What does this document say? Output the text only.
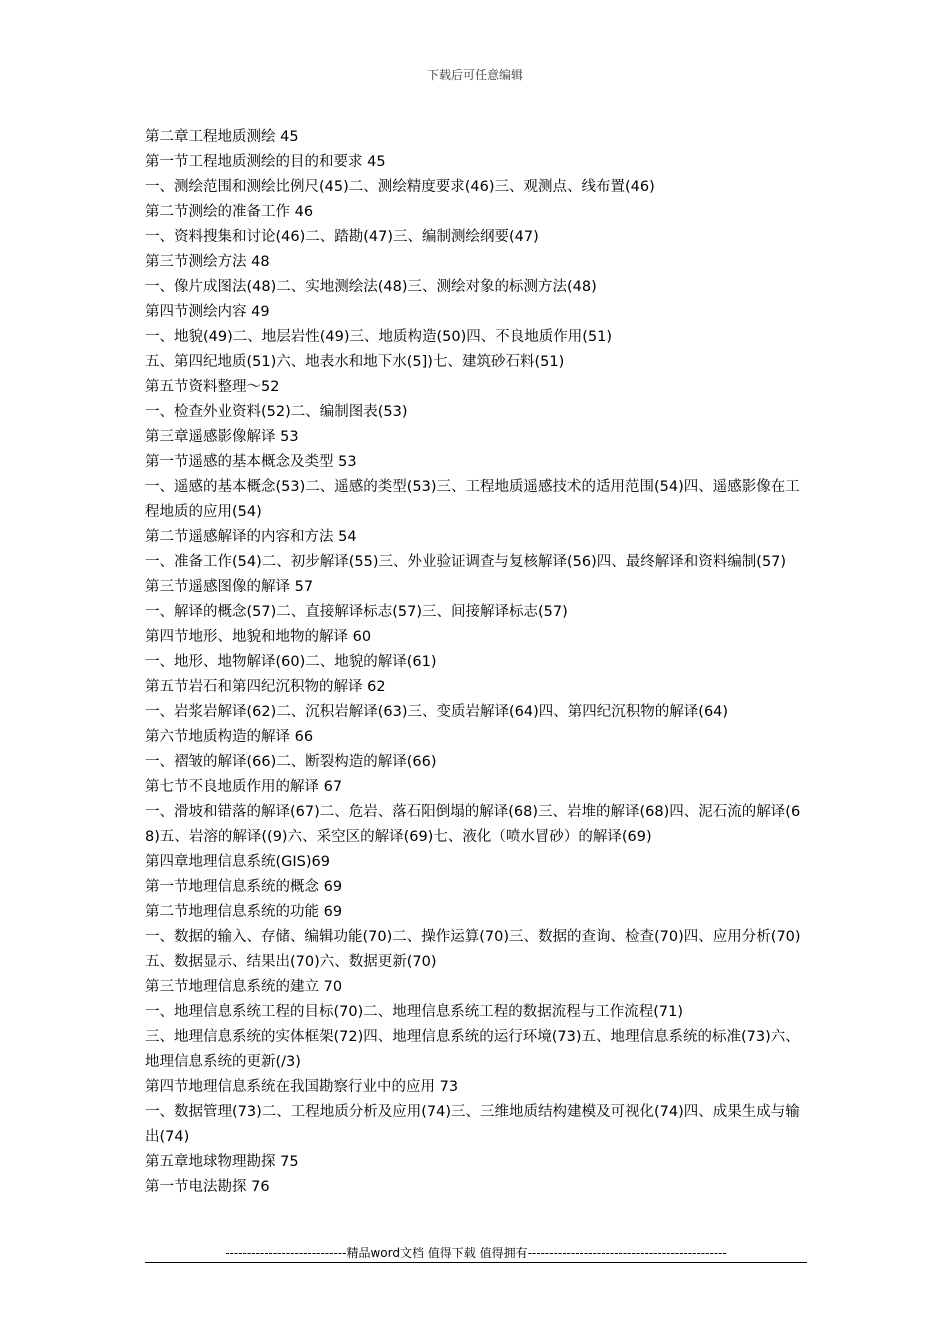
下载后可任意编辑

第二章工程地质测绘 45

第一节工程地质测绘的目的和要求 45

一、测绘范围和测绘比例尺(45)二、测绘精度要求(46)三、观测点、线布置(46)

第二节测绘的准备工作 46

一、资料搜集和讨论(46)二、踏勘(47)三、编制测绘纲要(47)

第三节测绘方法 48

一、像片成图法(48)二、实地测绘法(48)三、测绘对象的标测方法(48)

第四节测绘内容 49

一、地貌(49)二、地层岩性(49)三、地质构造(50)四、不良地质作用(51)

五、第四纪地质(51)六、地表水和地下水(5])七、建筑砂石料(51)

第五节资料整理～52

一、检查外业资料(52)二、编制图表(53)

第三章遥感影像解译 53

第一节遥感的基本概念及类型 53

一、遥感的基本概念(53)二、遥感的类型(53)三、工程地质遥感技术的适用范围(54)四、遥感影像在工程地质的应用(54)

第二节遥感解译的内容和方法 54

一、准备工作(54)二、初步解译(55)三、外业验证调查与复核解译(56)四、最终解译和资料编制(57)

第三节遥感图像的解译 57

一、解译的概念(57)二、直接解译标志(57)三、间接解译标志(57)

第四节地形、地貌和地物的解译 60

一、地形、地物解译(60)二、地貌的解译(61)

第五节岩石和第四纪沉积物的解译 62

一、岩浆岩解译(62)二、沉积岩解译(63)三、变质岩解译(64)四、第四纪沉积物的解译(64)

第六节地质构造的解译 66

一、褶皱的解译(66)二、断裂构造的解译(66)

第七节不良地质作用的解译 67

一、滑坡和错落的解译(67)二、危岩、落石阳倒塌的解译(68)三、岩堆的解译(68)四、泥石流的解译(68)五、岩溶的解译((9)六、采空区的解译(69)七、液化（喷水冒砂）的解译(69)

第四章地理信息系统(GIS)69

第一节地理信息系统的概念 69

第二节地理信息系统的功能 69

一、数据的输入、存储、编辑功能(70)二、操作运算(70)三、数据的查询、检查(70)四、应用分析(70)五、数据显示、结果出(70)六、数据更新(70)

第三节地理信息系统的建立 70

一、地理信息系统工程的目标(70)二、地理信息系统工程的数据流程与工作流程(71)

三、地理信息系统的实体框架(72)四、地理信息系统的运行环境(73)五、地理信息系统的标准(73)六、地理信息系统的更新(/3)

第四节地理信息系统在我国勘察行业中的应用 73

一、数据管理(73)二、工程地质分析及应用(74)三、三维地质结构建模及可视化(74)四、成果生成与输出(74)

第五章地球物理勘探 75

第一节电法勘探 76

----------------------------精品word文档 值得下载 值得拥有----------------------------------------------
